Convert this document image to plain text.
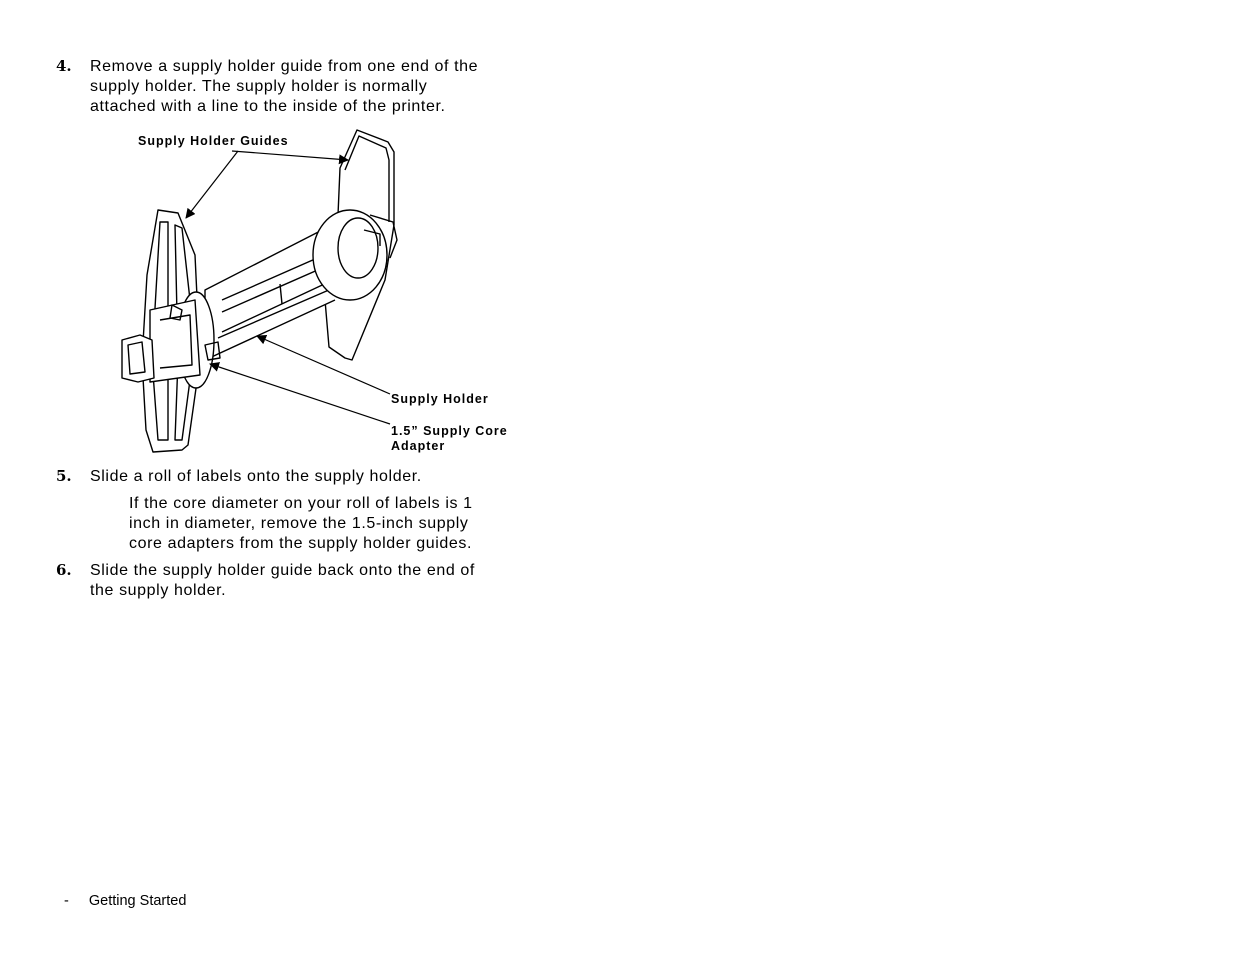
4. Remove a supply holder guide from one end of the
supply holder. The supply holder is normally
attached with a line to the inside of the printer.
Supply Holder Guides
Supply Holder
1.5” Supply Core
Adapter
5. Slide a roll of labels onto the supply holder.
If the core diameter on your roll of labels is 1
inch in diameter, remove the 1.5-inch supply
core adapters from the supply holder guides.
6. Slide the supply holder guide back onto the end of
the supply holder.
- Getting Started
